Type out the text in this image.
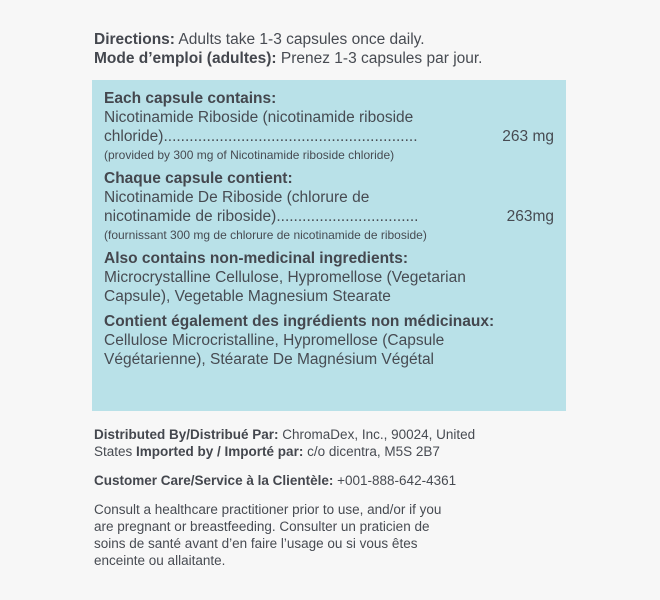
Directions: Adults take 1-3 capsules once daily.

Mode d’emploi (adultes): Prenez 1-3 capsules par jour.

Each capsule contains:

Nicotinamide Riboside (nicotinamide riboside

chloride) ...........................................................	263 mg

(provided by 300 mg of Nicotinamide riboside chloride)

Chaque capsule contient:

Nicotinamide De Riboside (chlorure de

nicotinamide de riboside) .................................	263mg

(fournissant 300 mg de chlorure de nicotinamide de riboside)

Also contains non-medicinal ingredients:

Microcrystalline Cellulose, Hypromellose (Vegetarian

Capsule), Vegetable Magnesium Stearate

Contient également des ingrédients non médicinaux:

Cellulose Microcristalline, Hypromellose (Capsule

Végétarienne), Stéarate De Magnésium Végétal

Distributed By/Distribué Par: ChromaDex, Inc., 90024, United
States Imported by / Importé par: c/o dicentra, M5S 2B7

Customer Care/Service à la Clientèle: +001-888-642-4361

Consult a healthcare practitioner prior to use, and/or if you
are pregnant or breastfeeding. Consulter un praticien de
soins de santé avant d’en faire l’usage ou si vous êtes
enceinte ou allaitante.
